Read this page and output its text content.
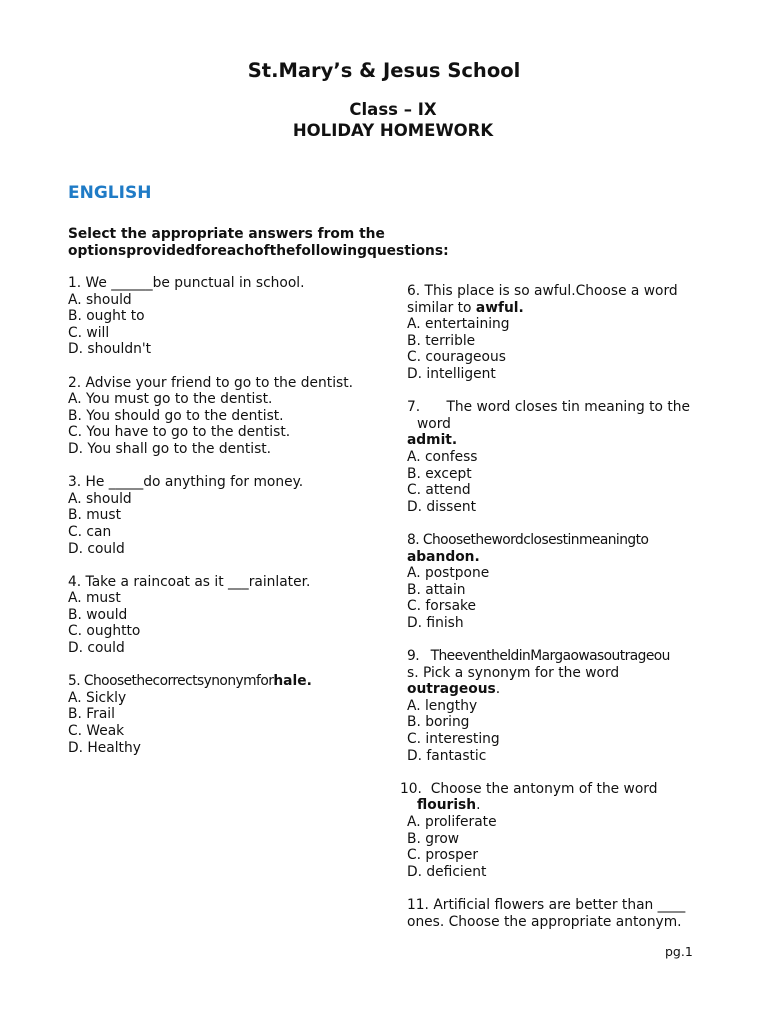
St.Mary’s & Jesus School
Class – IX
HOLIDAY HOMEWORK
ENGLISH
Select the appropriate answers from the
optionsprovidedforeachofthefollowingquestions:
1. We ______be punctual in school.
A. should
B. ought to
C. will
D. shouldn't
2. Advise your friend to go to the dentist.
A. You must go to the dentist.
B. You should go to the dentist.
C. You have to go to the dentist.
D. You shall go to the dentist.
3. He _____do anything for money.
A. should
B. must
C. can
D. could
4. Take a raincoat as it ___rainlater.
A. must
B. would
C. oughtto
D. could
5. Choosethecorrectsynonymforhale.
A. Sickly
B. Frail
C. Weak
D. Healthy
6. This place is so awful.Choose a word
similar to awful.
A. entertaining
B. terrible
C. courageous
D. intelligent
7.      The word closes tin meaning to the
word
admit.
A. confess
B. except
C. attend
D. dissent
8. Choosethewordclosestinmeaningto
abandon.
A. postpone
B. attain
C. forsake
D. finish
9.   TheeventheldinMargaowasoutrageou
s. Pick a synonym for the word
outrageous.
A. lengthy
B. boring
C. interesting
D. fantastic
10.  Choose the antonym of the word
flourish.
A. proliferate
B. grow
C. prosper
D. deficient
11. Artificial flowers are better than ____
ones. Choose the appropriate antonym.
pg.1
